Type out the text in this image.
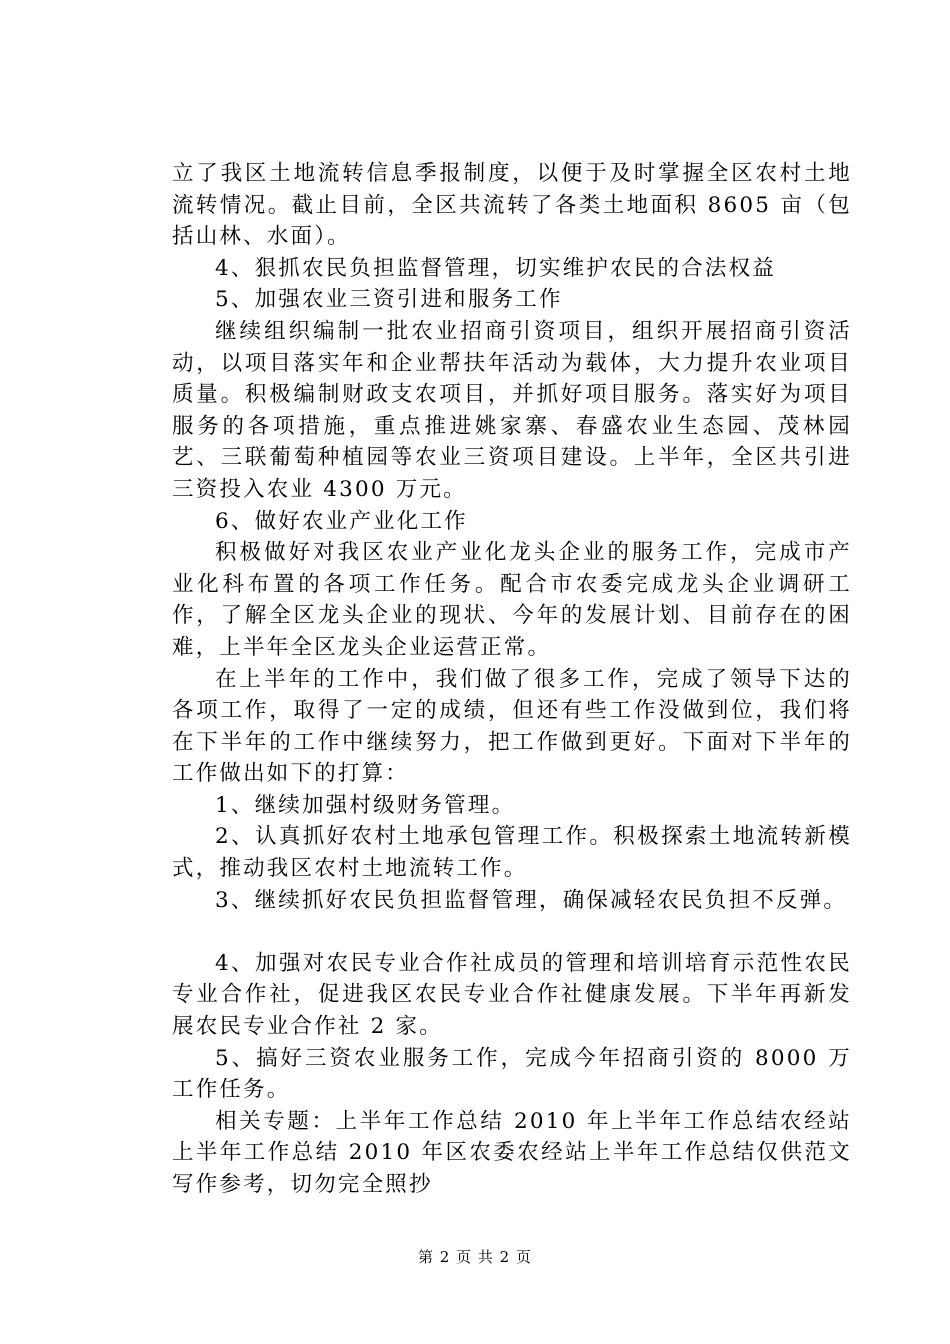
立了我区土地流转信息季报制度，以便于及时掌握全区农村土地流转情况。截止目前，全区共流转了各类土地面积 8605 亩（包括山林、水面）。

4、狠抓农民负担监督管理，切实维护农民的合法权益

5、加强农业三资引进和服务工作

继续组织编制一批农业招商引资项目，组织开展招商引资活动，以项目落实年和企业帮扶年活动为载体，大力提升农业项目质量。积极编制财政支农项目，并抓好项目服务。落实好为项目服务的各项措施，重点推进姚家寨、春盛农业生态园、茂林园艺、三联葡萄种植园等农业三资项目建设。上半年，全区共引进三资投入农业 4300 万元。

6、做好农业产业化工作

积极做好对我区农业产业化龙头企业的服务工作，完成市产业化科布置的各项工作任务。配合市农委完成龙头企业调研工作，了解全区龙头企业的现状、今年的发展计划、目前存在的困难，上半年全区龙头企业运营正常。

在上半年的工作中，我们做了很多工作，完成了领导下达的各项工作，取得了一定的成绩，但还有些工作没做到位，我们将在下半年的工作中继续努力，把工作做到更好。下面对下半年的工作做出如下的打算：

1、继续加强村级财务管理。

2、认真抓好农村土地承包管理工作。积极探索土地流转新模式，推动我区农村土地流转工作。

3、继续抓好农民负担监督管理，确保减轻农民负担不反弹。

4、加强对农民专业合作社成员的管理和培训培育示范性农民专业合作社，促进我区农民专业合作社健康发展。下半年再新发展农民专业合作社 2 家。

5、搞好三资农业服务工作，完成今年招商引资的 8000 万工作任务。

相关专题：上半年工作总结 2010 年上半年工作总结农经站上半年工作总结 2010 年区农委农经站上半年工作总结仅供范文写作参考，切勿完全照抄

第 2 页 共 2 页
